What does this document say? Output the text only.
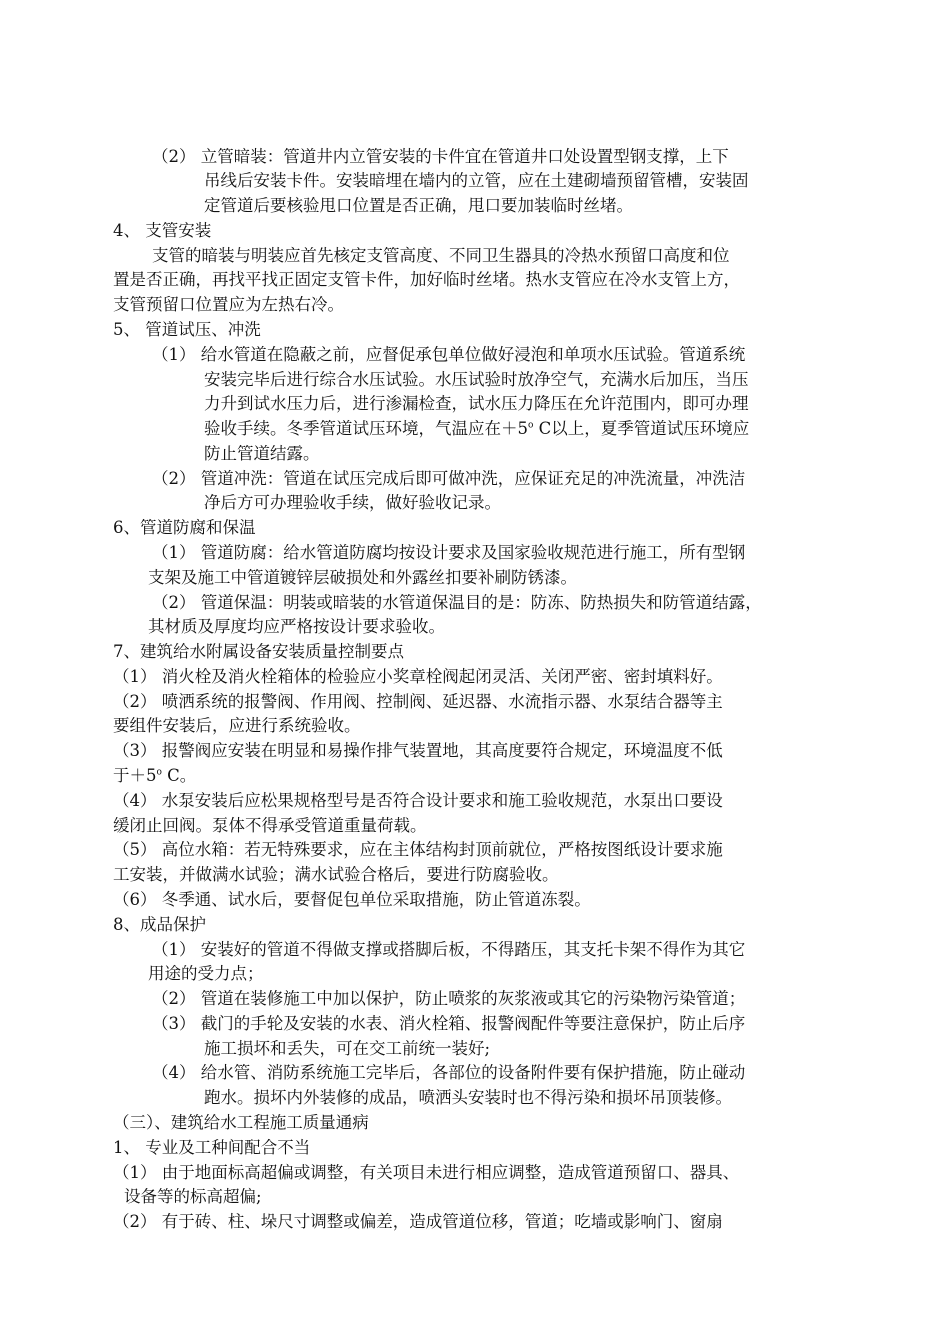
（2） 立管暗装：管道井内立管安装的卡件宜在管道井口处设置型钢支撑，上下
吊线后安装卡件。安装暗埋在墙内的立管，应在土建砌墙预留管槽，安装固
定管道后要核验甩口位置是否正确，甩口要加装临时丝堵。
4、 支管安装
支管的暗装与明装应首先核定支管高度、不同卫生器具的冷热水预留口高度和位
置是否正确，再找平找正固定支管卡件，加好临时丝堵。热水支管应在冷水支管上方，
支管预留口位置应为左热右冷。
5、 管道试压、冲洗
（1） 给水管道在隐蔽之前，应督促承包单位做好浸泡和单项水压试验。管道系统
安装完毕后进行综合水压试验。水压试验时放净空气，充满水后加压，当压
力升到试水压力后，进行渗漏检查，试水压力降压在允许范围内，即可办理
验收手续。冬季管道试压环境，气温应在$+5^o$ C以上，夏季管道试压环境应
防止管道结露。
（2） 管道冲洗：管道在试压完成后即可做冲洗，应保证充足的冲洗流量，冲洗洁
净后方可办理验收手续，做好验收记录。
6、管道防腐和保温
（1） 管道防腐：给水管道防腐均按设计要求及国家验收规范进行施工，所有型钢
支架及施工中管道镀锌层破损处和外露丝扣要补刷防锈漆。
（2） 管道保温：明装或暗装的水管道保温目的是：防冻、防热损失和防管道结露，
其材质及厚度均应严格按设计要求验收。
7、建筑给水附属设备安装质量控制要点
（1） 消火栓及消火栓箱体的检验应小奖章栓阀起闭灵活、关闭严密、密封填料好。
（2） 喷洒系统的报警阀、作用阀、控制阀、延迟器、水流指示器、水泵结合器等主
要组件安装后，应进行系统验收。
（3） 报警阀应安装在明显和易操作排气装置地，其高度要符合规定，环境温度不低
于$+5^o$ C。
（4） 水泵安装后应松果规格型号是否符合设计要求和施工验收规范，水泵出口要设
缓闭止回阀。泵体不得承受管道重量荷载。
（5） 高位水箱：若无特殊要求，应在主体结构封顶前就位，严格按图纸设计要求施
工安装，并做满水试验；满水试验合格后，要进行防腐验收。
（6） 冬季通、试水后，要督促包单位采取措施，防止管道冻裂。
8、成品保护
（1） 安装好的管道不得做支撑或搭脚后板，不得踏压，其支托卡架不得作为其它
用途的受力点；
（2） 管道在装修施工中加以保护，防止喷浆的灰浆液或其它的污染物污染管道；
（3） 截门的手轮及安装的水表、消火栓箱、报警阀配件等要注意保护，防止后序
施工损坏和丢失，可在交工前统一装好;
（4） 给水管、消防系统施工完毕后，各部位的设备附件要有保护措施，防止碰动
跑水。损坏内外装修的成品，喷洒头安装时也不得污染和损坏吊顶装修。
（三）、建筑给水工程施工质量通病
1、 专业及工种间配合不当
（1） 由于地面标高超偏或调整，有关项目未进行相应调整，造成管道预留口、器具、
设备等的标高超偏;
（2） 有于砖、柱、垛尺寸调整或偏差，造成管道位移，管道；吃墙或影响门、窗扇
